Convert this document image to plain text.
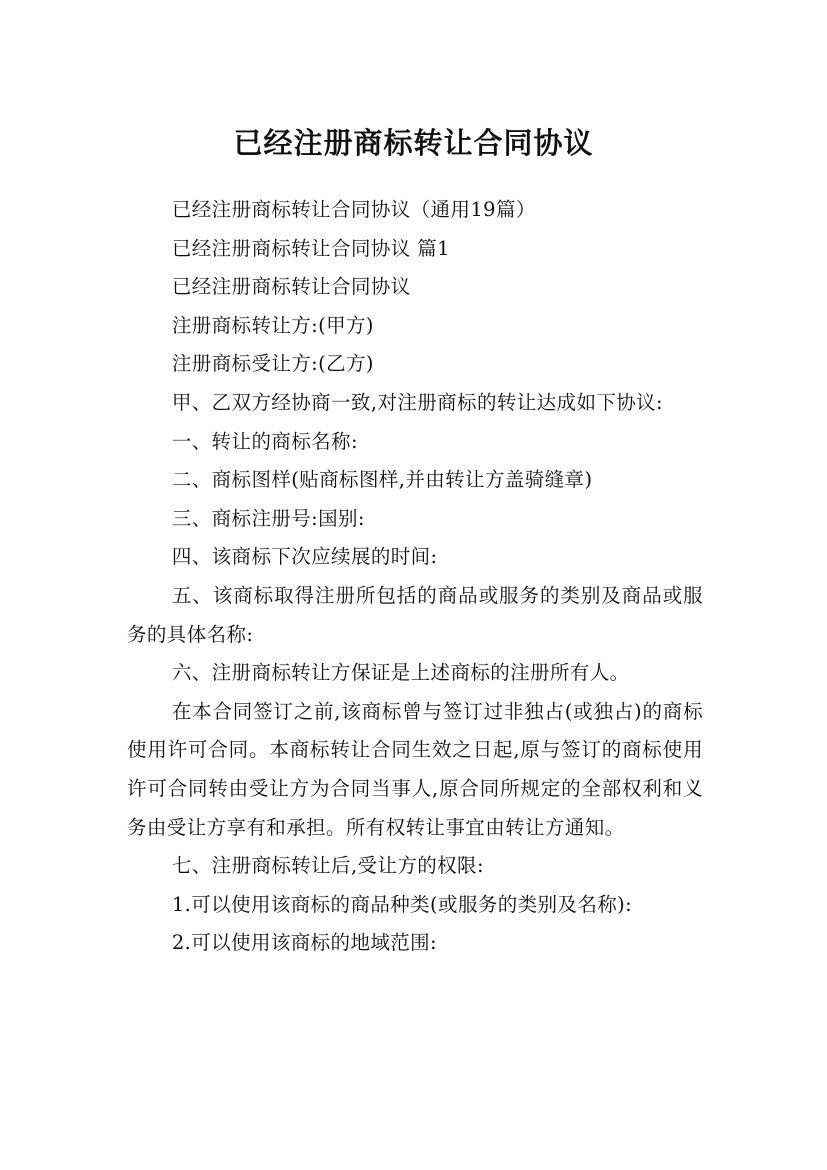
已经注册商标转让合同协议

已经注册商标转让合同协议（通用19篇）

已经注册商标转让合同协议 篇1

已经注册商标转让合同协议

注册商标转让方:(甲方)

注册商标受让方:(乙方)

甲、乙双方经协商一致,对注册商标的转让达成如下协议:

一、转让的商标名称:

二、商标图样(贴商标图样,并由转让方盖骑缝章)

三、商标注册号:国别:

四、该商标下次应续展的时间:

五、该商标取得注册所包括的商品或服务的类别及商品或服务的具体名称:

六、注册商标转让方保证是上述商标的注册所有人。

在本合同签订之前,该商标曾与签订过非独占(或独占)的商标使用许可合同。本商标转让合同生效之日起,原与签订的商标使用许可合同转由受让方为合同当事人,原合同所规定的全部权利和义务由受让方享有和承担。所有权转让事宜由转让方通知。

七、注册商标转让后,受让方的权限:

1.可以使用该商标的商品种类(或服务的类别及名称):

2.可以使用该商标的地域范围:
